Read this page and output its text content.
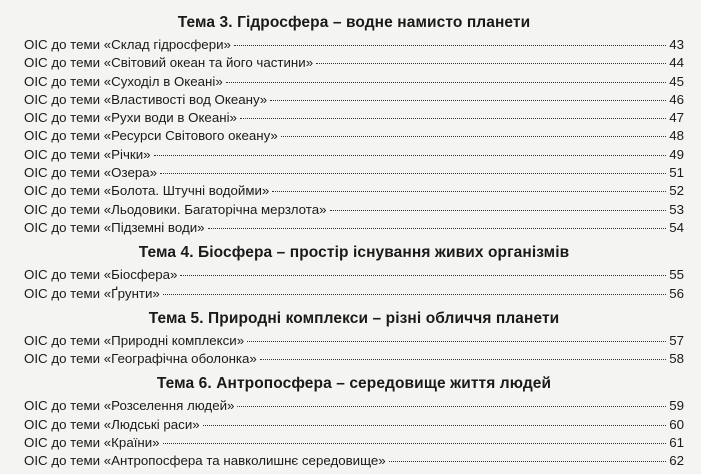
Тема 3. Гідросфера – водне намисто планети
ОІС до теми «Склад гідросфери»	43
ОІС до теми «Світовий океан та його частини»	44
ОІС до теми «Суходіл в Океані»	45
ОІС до теми «Властивості вод Океану»	46
ОІС до теми «Рухи води в Океані»	47
ОІС до теми «Ресурси Світового океану»	48
ОІС до теми «Річки»	49
ОІС до теми «Озера»	51
ОІС до теми «Болота. Штучні водойми»	52
ОІС до теми «Льодовики. Багаторічна мерзлота»	53
ОІС до теми «Підземні води»	54
Тема 4. Біосфера – простір існування живих організмів
ОІС до теми «Біосфера»	55
ОІС до теми «Ґрунти»	56
Тема 5. Природні комплекси – різні обличчя планети
ОІС до теми «Природні комплекси»	57
ОІС до теми «Географічна оболонка»	58
Тема 6. Антропосфера – середовище життя людей
ОІС до теми «Розселення людей»	59
ОІС до теми «Людські раси»	60
ОІС до теми «Країни»	61
ОІС до теми «Антропосфера та навколишнє середовище»	62
